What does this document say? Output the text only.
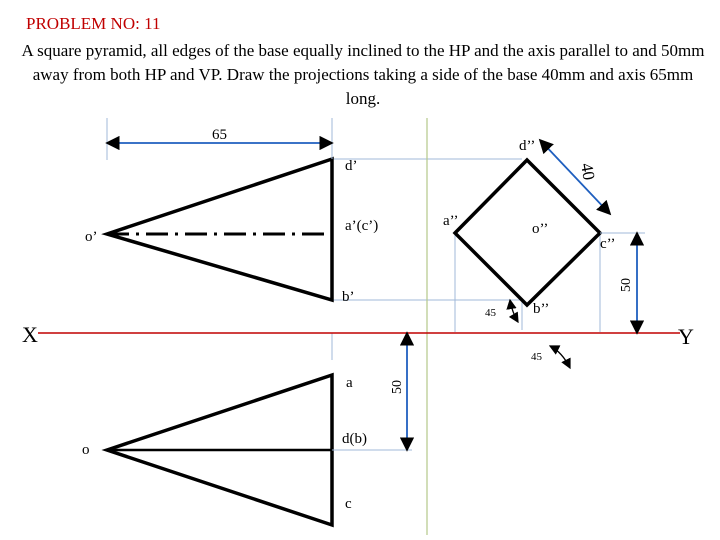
PROBLEM NO: 11
A square pyramid, all edges of the base equally inclined to the HP and the axis parallel to and 50mm away from both HP and VP. Draw the projections taking a side of the base 40mm and axis 65mm long.
X	Y
o’
d’
a’(c’)
b’
a’’	o’’
d’’
c’’
b’’
45
45
65
40
50
o
a
d(b)
c
50
